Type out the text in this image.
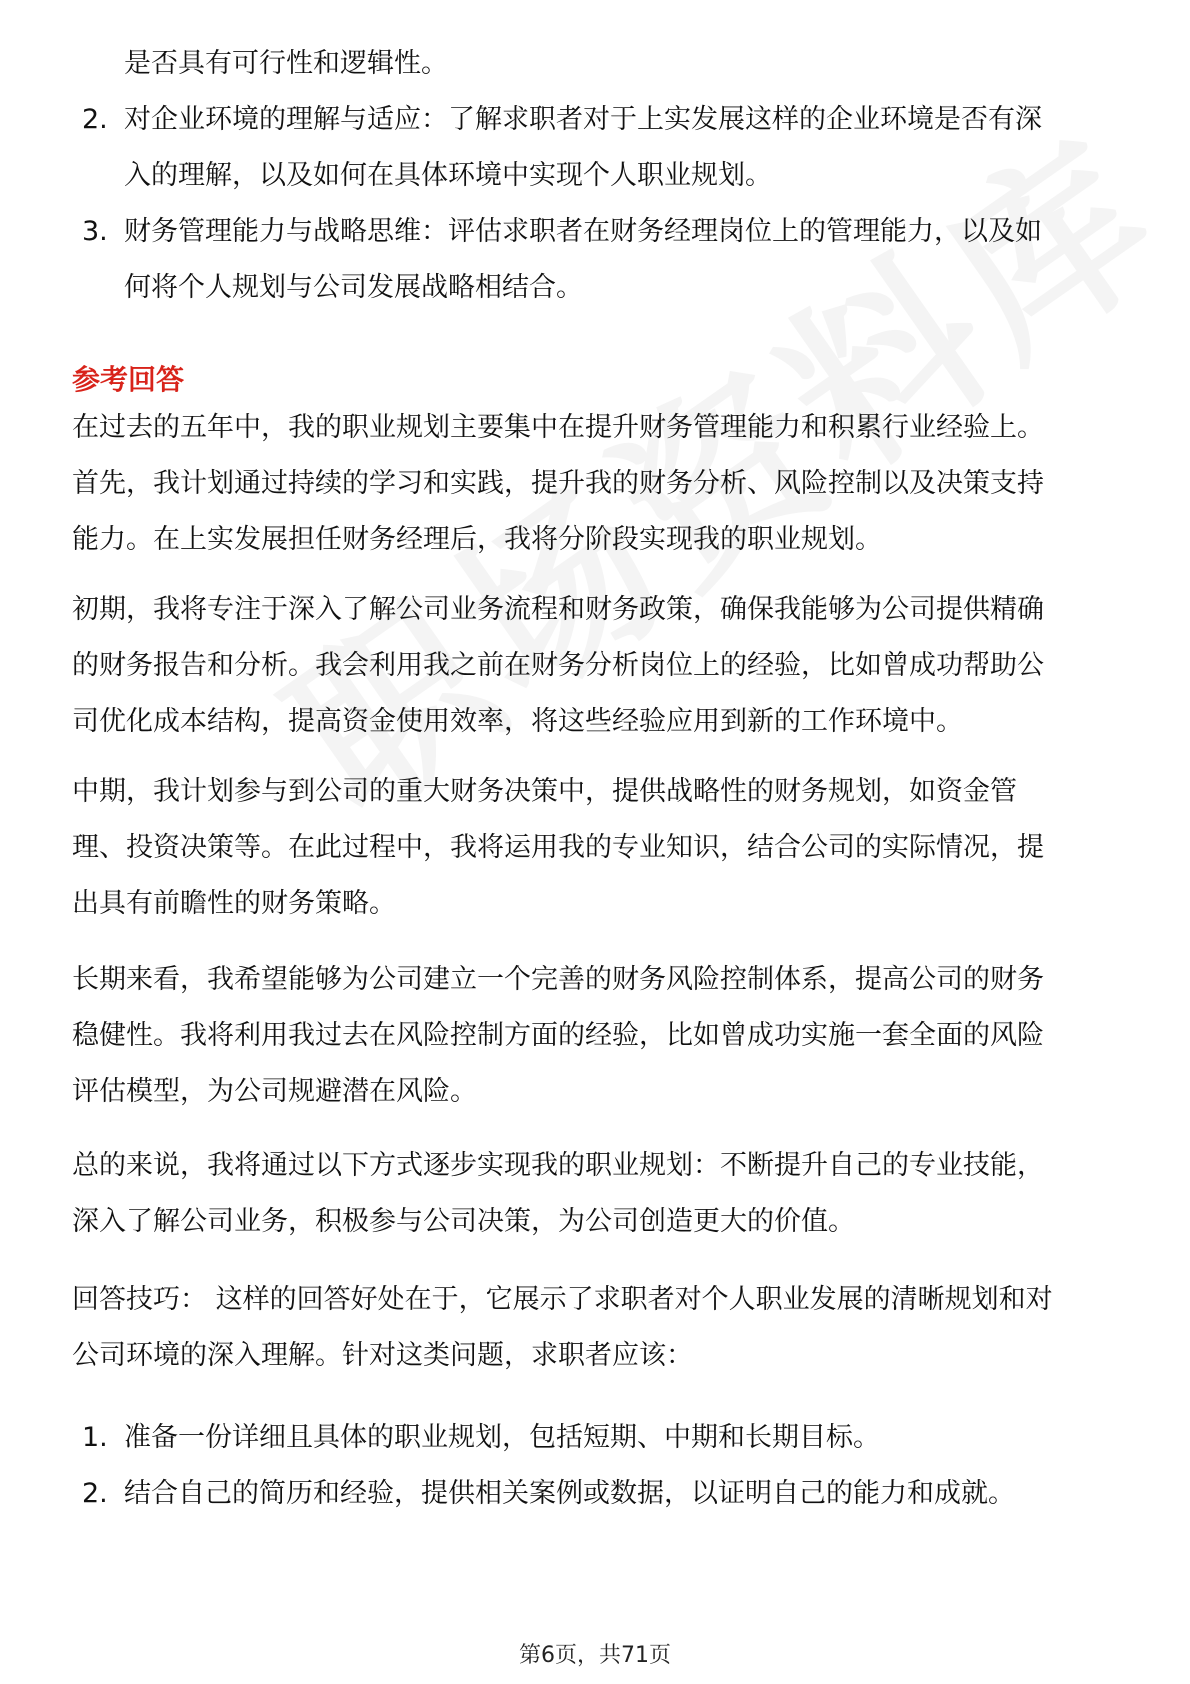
是否具有可行性和逻辑性。
2. 对企业环境的理解与适应：了解求职者对于上实发展这样的企业环境是否有深
入的理解，以及如何在具体环境中实现个人职业规划。
3. 财务管理能力与战略思维：评估求职者在财务经理岗位上的管理能力，以及如
何将个人规划与公司发展战略相结合。
参考回答
在过去的五年中，我的职业规划主要集中在提升财务管理能力和积累行业经验上。
首先，我计划通过持续的学习和实践，提升我的财务分析、风险控制以及决策支持
能力。在上实发展担任财务经理后，我将分阶段实现我的职业规划。
初期，我将专注于深入了解公司业务流程和财务政策，确保我能够为公司提供精确
的财务报告和分析。我会利用我之前在财务分析岗位上的经验，比如曾成功帮助公
司优化成本结构，提高资金使用效率，将这些经验应用到新的工作环境中。
中期，我计划参与到公司的重大财务决策中，提供战略性的财务规划，如资金管
理、投资决策等。在此过程中，我将运用我的专业知识，结合公司的实际情况，提
出具有前瞻性的财务策略。
长期来看，我希望能够为公司建立一个完善的财务风险控制体系，提高公司的财务
稳健性。我将利用我过去在风险控制方面的经验，比如曾成功实施一套全面的风险
评估模型，为公司规避潜在风险。
总的来说，我将通过以下方式逐步实现我的职业规划：不断提升自己的专业技能，
深入了解公司业务，积极参与公司决策，为公司创造更大的价值。
回答技巧： 这样的回答好处在于，它展示了求职者对个人职业发展的清晰规划和对
公司环境的深入理解。针对这类问题，求职者应该：
1. 准备一份详细且具体的职业规划，包括短期、中期和长期目标。
2. 结合自己的简历和经验，提供相关案例或数据，以证明自己的能力和成就。
第6页，共71页
